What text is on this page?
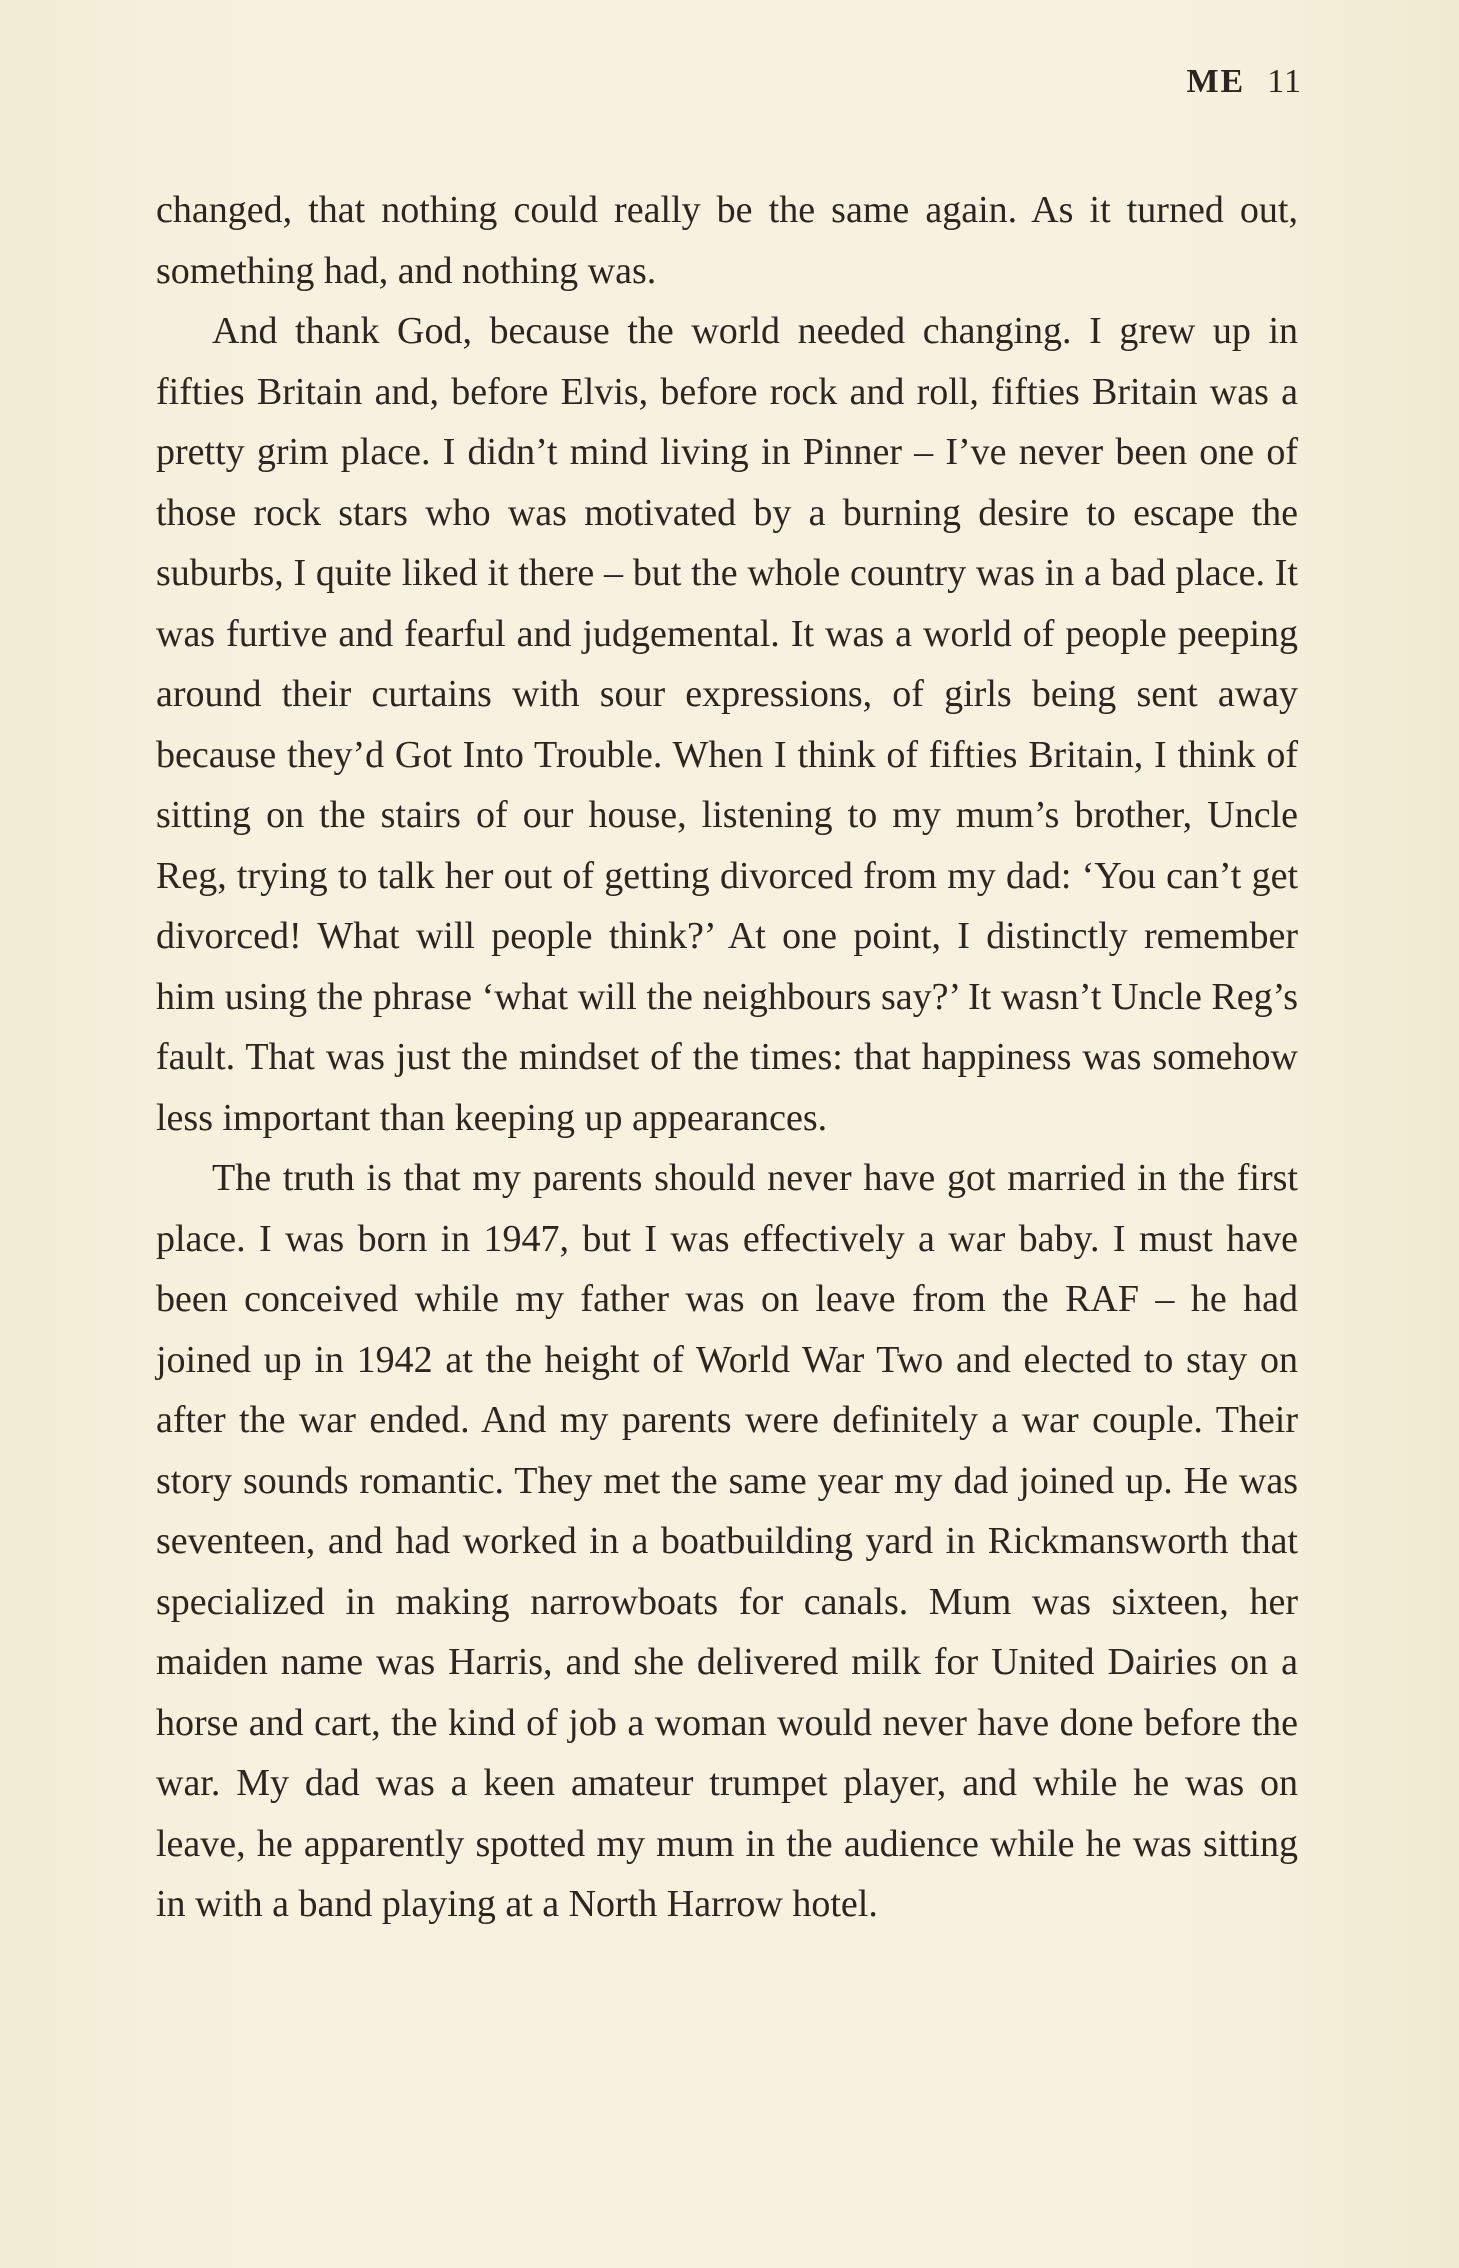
ME 11

changed, that nothing could really be the same again. As it turned out, something had, and nothing was.

And thank God, because the world needed changing. I grew up in fifties Britain and, before Elvis, before rock and roll, fifties Britain was a pretty grim place. I didn’t mind living in Pinner – I’ve never been one of those rock stars who was motivated by a burning desire to escape the suburbs, I quite liked it there – but the whole country was in a bad place. It was furtive and fearful and judgemental. It was a world of people peeping around their curtains with sour expressions, of girls being sent away because they’d Got Into Trouble. When I think of fifties Britain, I think of sitting on the stairs of our house, listening to my mum’s brother, Uncle Reg, trying to talk her out of getting divorced from my dad: ‘You can’t get divorced! What will people think?’ At one point, I distinctly remember him using the phrase ‘what will the neighbours say?’ It wasn’t Uncle Reg’s fault. That was just the mindset of the times: that happiness was somehow less important than keeping up appearances.

The truth is that my parents should never have got married in the first place. I was born in 1947, but I was effectively a war baby. I must have been conceived while my father was on leave from the RAF – he had joined up in 1942 at the height of World War Two and elected to stay on after the war ended. And my parents were definitely a war couple. Their story sounds romantic. They met the same year my dad joined up. He was seventeen, and had worked in a boatbuilding yard in Rickmansworth that specialized in making narrowboats for canals. Mum was sixteen, her maiden name was Harris, and she delivered milk for United Dairies on a horse and cart, the kind of job a woman would never have done before the war. My dad was a keen amateur trumpet player, and while he was on leave, he apparently spotted my mum in the audience while he was sitting in with a band playing at a North Harrow hotel.
